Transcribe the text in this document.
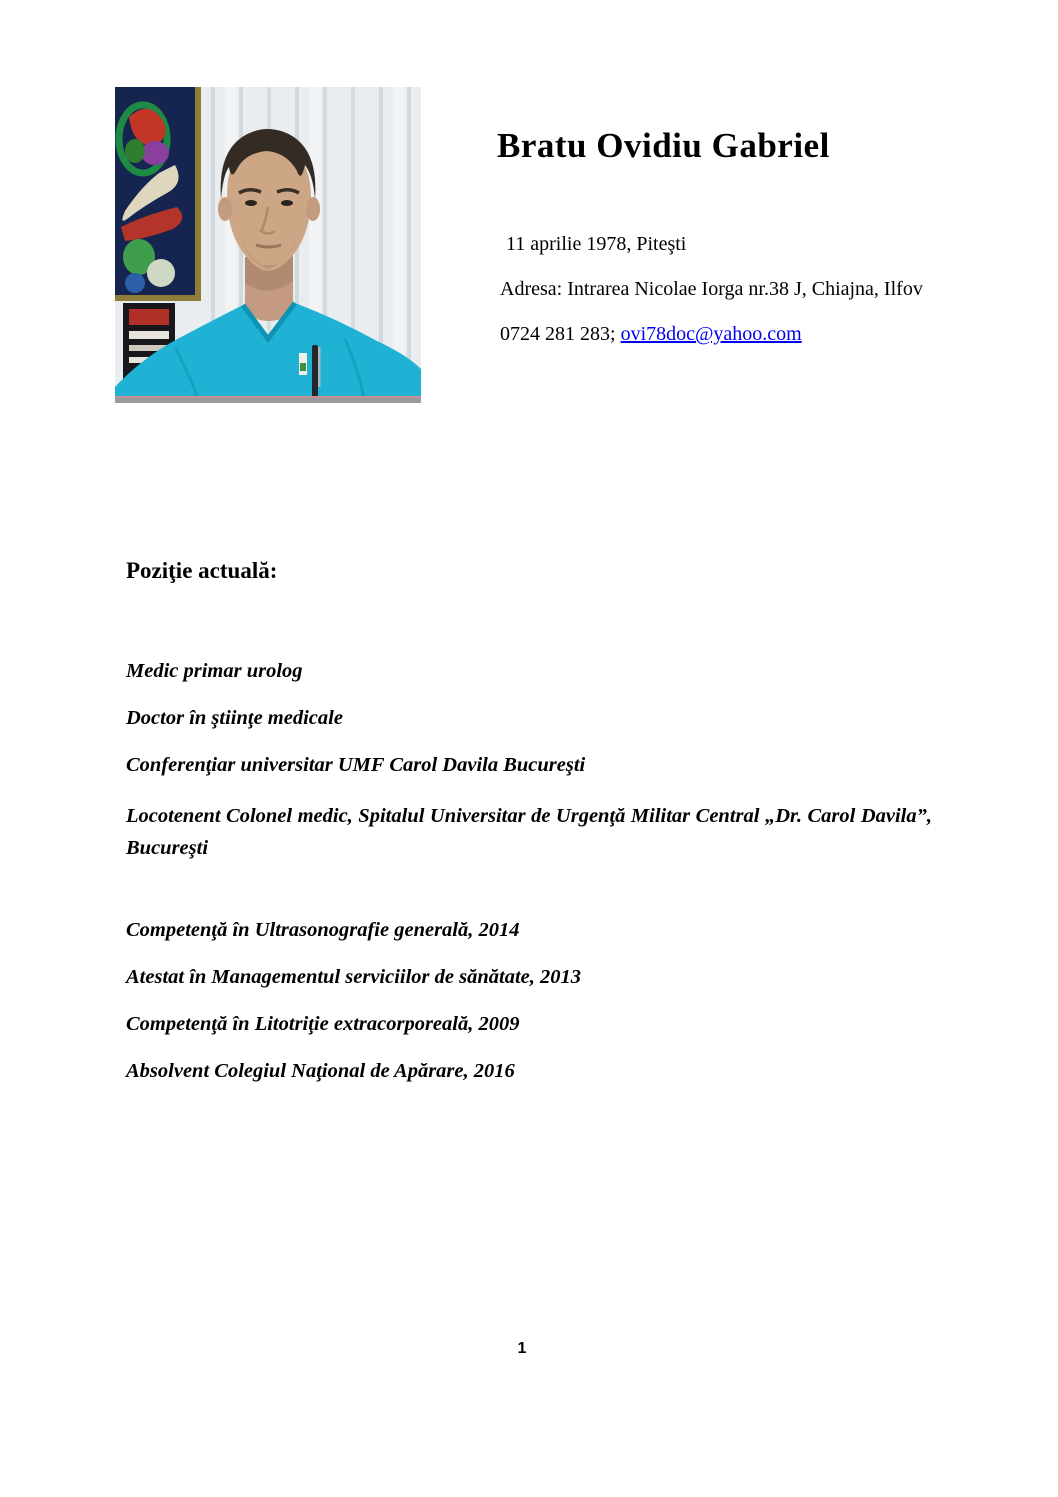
Bratu Ovidiu Gabriel
11 aprilie 1978, Piteşti
Adresa: Intrarea Nicolae Iorga nr.38 J, Chiajna, Ilfov
0724 281 283; ovi78doc@yahoo.com
Poziţie actuală:

Medic primar urolog

Doctor în ştiinţe medicale

Conferenţiar universitar UMF Carol Davila Bucureşti

Locotenent Colonel medic, Spitalul Universitar de Urgenţă Militar Central „Dr. Carol Davila”, Bucureşti

Competenţă în Ultrasonografie generală, 2014

Atestat în Managementul serviciilor de sănătate, 2013

Competenţă în Litotriţie extracorporeală, 2009

Absolvent Colegiul Naţional de Apărare, 2016

1
